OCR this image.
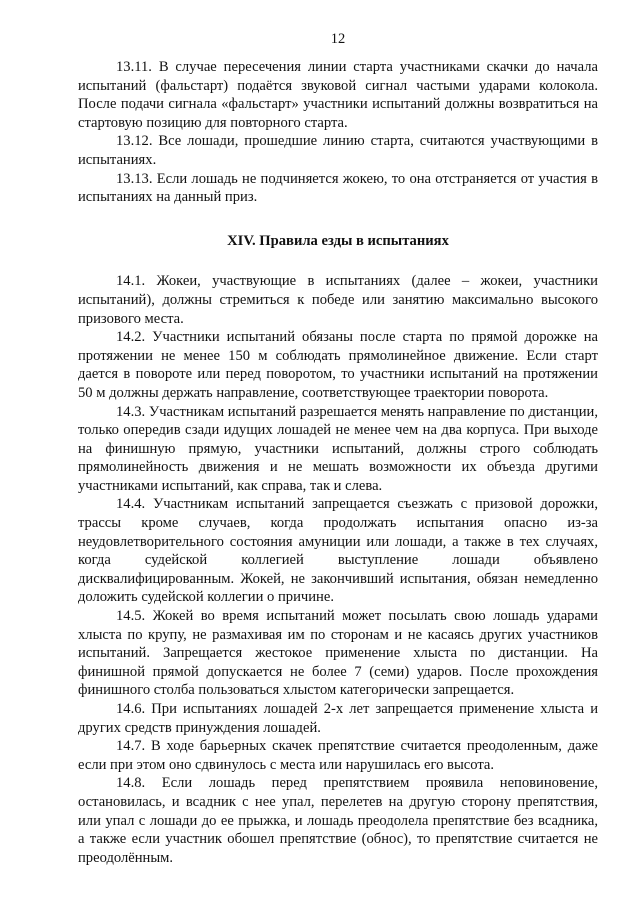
12

13.11. В случае пересечения линии старта участниками скачки до начала испытаний (фальстарт) подаётся звуковой сигнал частыми ударами колокола. После подачи сигнала «фальстарт» участники испытаний должны возвратиться на стартовую позицию для повторного старта.

13.12. Все лошади, прошедшие линию старта, считаются участвующими в испытаниях.

13.13. Если лошадь не подчиняется жокею, то она отстраняется от участия в испытаниях на данный приз.

XIV. Правила езды в испытаниях

14.1. Жокеи, участвующие в испытаниях (далее – жокеи, участники испытаний), должны стремиться к победе или занятию максимально высокого призового места.

14.2. Участники испытаний обязаны после старта по прямой дорожке на протяжении не менее 150 м соблюдать прямолинейное движение. Если старт дается в повороте или перед поворотом, то участники испытаний на протяжении 50 м должны держать направление, соответствующее траектории поворота.

14.3. Участникам испытаний разрешается менять направление по дистанции, только опередив сзади идущих лошадей не менее чем на два корпуса. При выходе на финишную прямую, участники испытаний, должны строго соблюдать прямолинейность движения и не мешать возможности их объезда другими участниками испытаний, как справа, так и слева.

14.4. Участникам испытаний запрещается съезжать с призовой дорожки, трассы кроме случаев, когда продолжать испытания опасно из-за неудовлетворительного состояния амуниции или лошади, а также в тех случаях, когда судейской коллегией выступление лошади объявлено дисквалифицированным. Жокей, не закончивший испытания, обязан немедленно доложить судейской коллегии о причине.

14.5. Жокей во время испытаний может посылать свою лошадь ударами хлыста по крупу, не размахивая им по сторонам и не касаясь других участников испытаний. Запрещается жестокое применение хлыста по дистанции. На финишной прямой допускается не более 7 (семи) ударов. После прохождения финишного столба пользоваться хлыстом категорически запрещается.

14.6. При испытаниях лошадей 2-х лет запрещается применение хлыста и других средств принуждения лошадей.

14.7. В ходе барьерных скачек препятствие считается преодоленным, даже если при этом оно сдвинулось с места или нарушилась его высота.

14.8. Если лошадь перед препятствием проявила неповиновение, остановилась, и всадник с нее упал, перелетев на другую сторону препятствия, или упал с лошади до ее прыжка, и лошадь преодолела препятствие без всадника, а также если участник обошел препятствие (обнос), то препятствие считается не преодолённым.
